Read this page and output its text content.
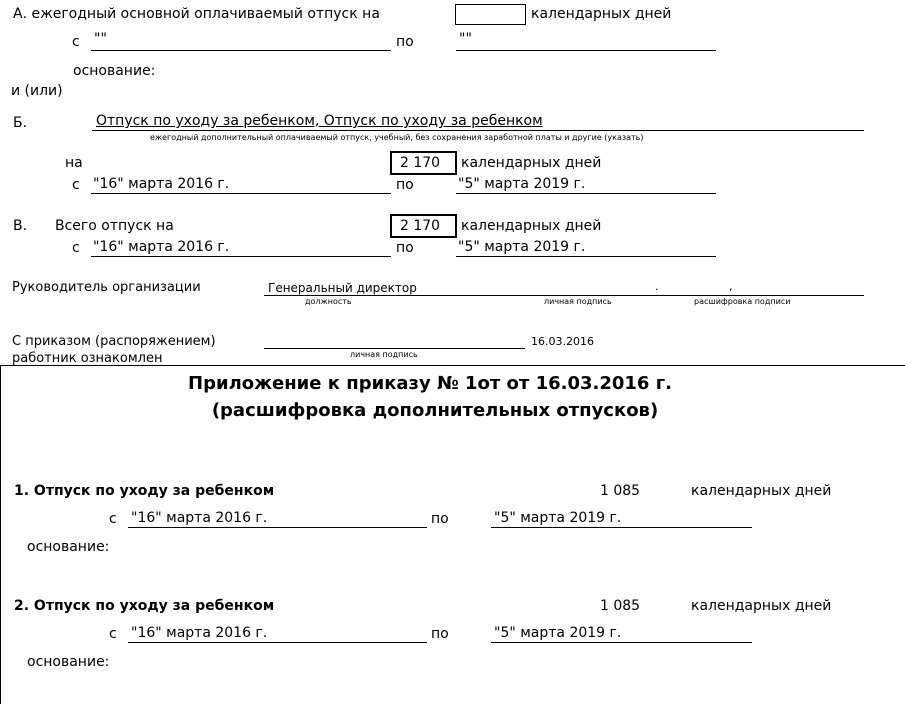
А. ежегодный основной оплачиваемый отпуск на	календарных дней
с ""	по	""
основание:
и (или)
Б.	Отпуск по уходу за ребенком, Отпуск по уходу за ребенком
ежегодный дополнительный оплачиваемый отпуск, учебный, без сохранения заработной платы и другие (указать)
на	2 170 календарных дней
с "16" марта 2016 г.	по	"5" марта 2019 г.
В. Всего отпуск на	2 170 календарных дней
с "16" марта 2016 г.	по	"5" марта 2019 г.
Руководитель организации	Генеральный директор	.	,
должность	личная подпись	расшифровка подписи
С приказом (распоряжением)
работник ознакомлен	личная подпись
16.03.2016
Приложение к приказу № 1от от 16.03.2016 г.
(расшифровка дополнительных отпусков)
1. Отпуск по уходу за ребенком	1 085	календарных дней
с "16" марта 2016 г.	по	"5" марта 2019 г.
основание:
2. Отпуск по уходу за ребенком	1 085	календарных дней
с "16" марта 2016 г.	по	"5" марта 2019 г.
основание:
